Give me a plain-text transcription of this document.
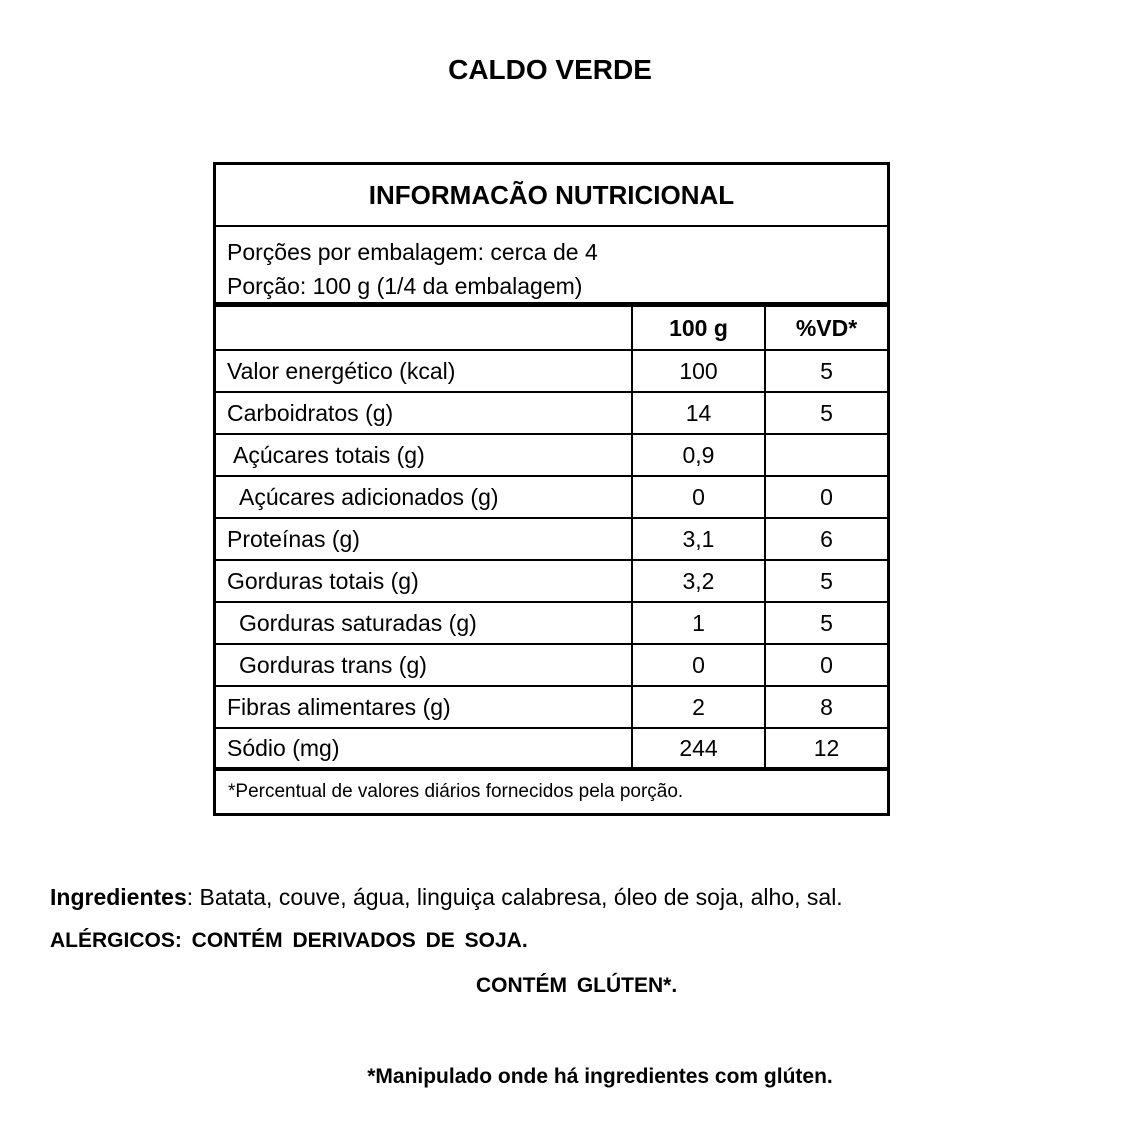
CALDO VERDE
INFORMACÃO NUTRICIONAL
Porções por embalagem: cerca de 4
Porção: 100 g (1/4 da embalagem)
100 g	%VD*
Valor energético (kcal)	100	5
Carboidratos (g)	14	5
Açúcares totais (g)	0,9
Açúcares adicionados (g)	0	0
Proteínas (g)	3,1	6
Gorduras totais (g)	3,2	5
Gorduras saturadas (g)	1	5
Gorduras trans (g)	0	0
Fibras alimentares (g)	2	8
Sódio (mg)	244	12
*Percentual de valores diários fornecidos pela porção.
Ingredientes: Batata, couve, água, linguiça calabresa, óleo de soja, alho, sal.
ALÉRGICOS: CONTÉM DERIVADOS DE SOJA.
CONTÉM GLÚTEN*.
*Manipulado onde há ingredientes com glúten.
